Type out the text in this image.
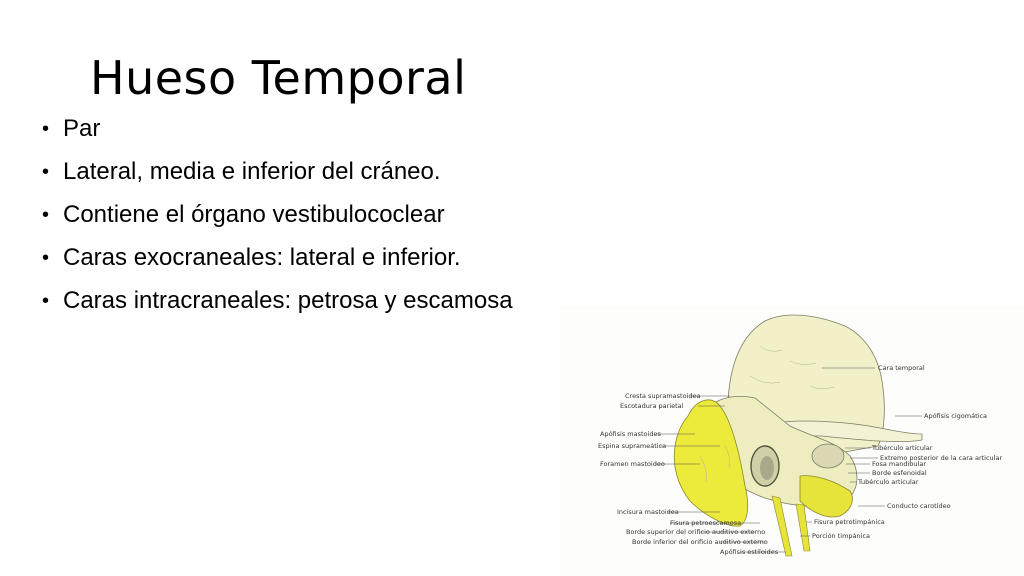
Hueso Temporal
• Par
• Lateral, media e inferior del cráneo.
• Contiene el órgano vestibulococlear
• Caras exocraneales: lateral e inferior.
• Caras intracraneales: petrosa y escamosa
Cresta supramastoidea
Escotadura parietal
Apófisis mastoides
Espina suprameática
Foramen mastoideo
Incisura mastoidea
Fisura petroescamosa
Borde superior del orificio auditivo externo
Borde inferior del orificio auditivo externo
Apófisis estiloides
Cara temporal
Apófisis cigomática
Tubérculo articular
Extremo posterior de la cara articular
Fosa mandibular
Borde esfenoidal
Tubérculo articular
Conducto carotídeo
Fisura petrotimpánica
Porción timpánica
